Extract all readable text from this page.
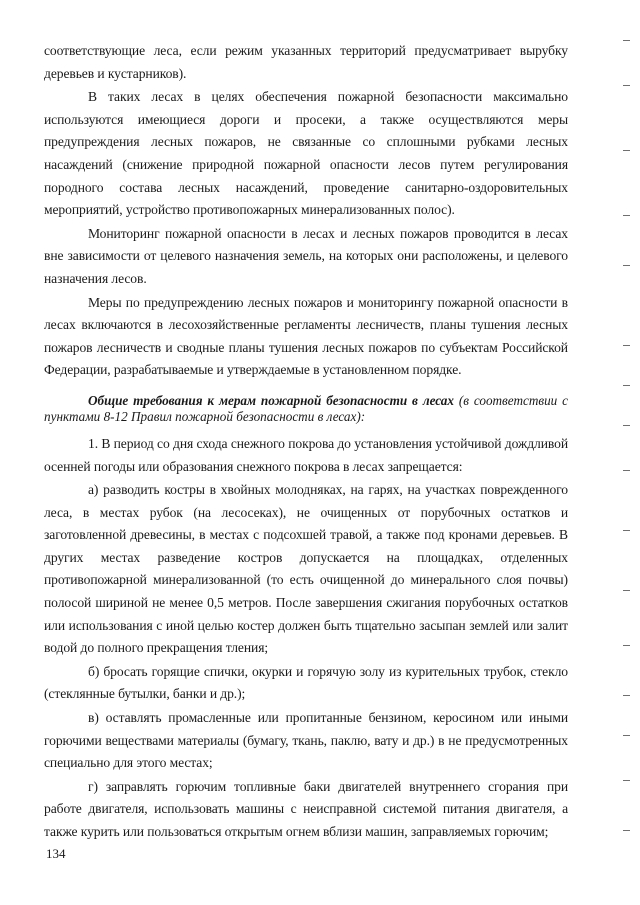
соответствующие леса, если режим указанных территорий предусматривает вырубку деревьев и кустарников).

В таких лесах в целях обеспечения пожарной безопасности максимально используются имеющиеся дороги и просеки, а также осуществляются меры предупреждения лесных пожаров, не связанные со сплошными рубками лесных насаждений (снижение природной пожарной опасности лесов путем регулирования породного состава лесных насаждений, проведение санитарно-оздоровительных мероприятий, устройство противопожарных минерализованных полос).

Мониторинг пожарной опасности в лесах и лесных пожаров проводится в лесах вне зависимости от целевого назначения земель, на которых они расположены, и целевого назначения лесов.

Меры по предупреждению лесных пожаров и мониторингу пожарной опасности в лесах включаются в лесохозяйственные регламенты лесничеств, планы тушения лесных пожаров лесничеств и сводные планы тушения лесных пожаров по субъектам Российской Федерации, разрабатываемые и утверждаемые в установленном порядке.

Общие требования к мерам пожарной безопасности в лесах (в соответствии с пунктами 8-12 Правил пожарной безопасности в лесах):

1. В период со дня схода снежного покрова до установления устойчивой дождливой осенней погоды или образования снежного покрова в лесах запрещается:

а) разводить костры в хвойных молодняках, на гарях, на участках поврежденного леса, в местах рубок (на лесосеках), не очищенных от порубочных остатков и заготовленной древесины, в местах с подсохшей травой, а также под кронами деревьев. В других местах разведение костров допускается на площадках, отделенных противопожарной минерализованной (то есть очищенной до минерального слоя почвы) полосой шириной не менее 0,5 метров. После завершения сжигания порубочных остатков или использования с иной целью костер должен быть тщательно засыпан землей или залит водой до полного прекращения тления;

б) бросать горящие спички, окурки и горячую золу из курительных трубок, стекло (стеклянные бутылки, банки и др.);

в) оставлять промасленные или пропитанные бензином, керосином или иными горючими веществами материалы (бумагу, ткань, паклю, вату и др.) в не предусмотренных специально для этого местах;

г) заправлять горючим топливные баки двигателей внутреннего сгорания при работе двигателя, использовать машины с неисправной системой питания двигателя, а также курить или пользоваться открытым огнем вблизи машин, заправляемых горючим;

134
